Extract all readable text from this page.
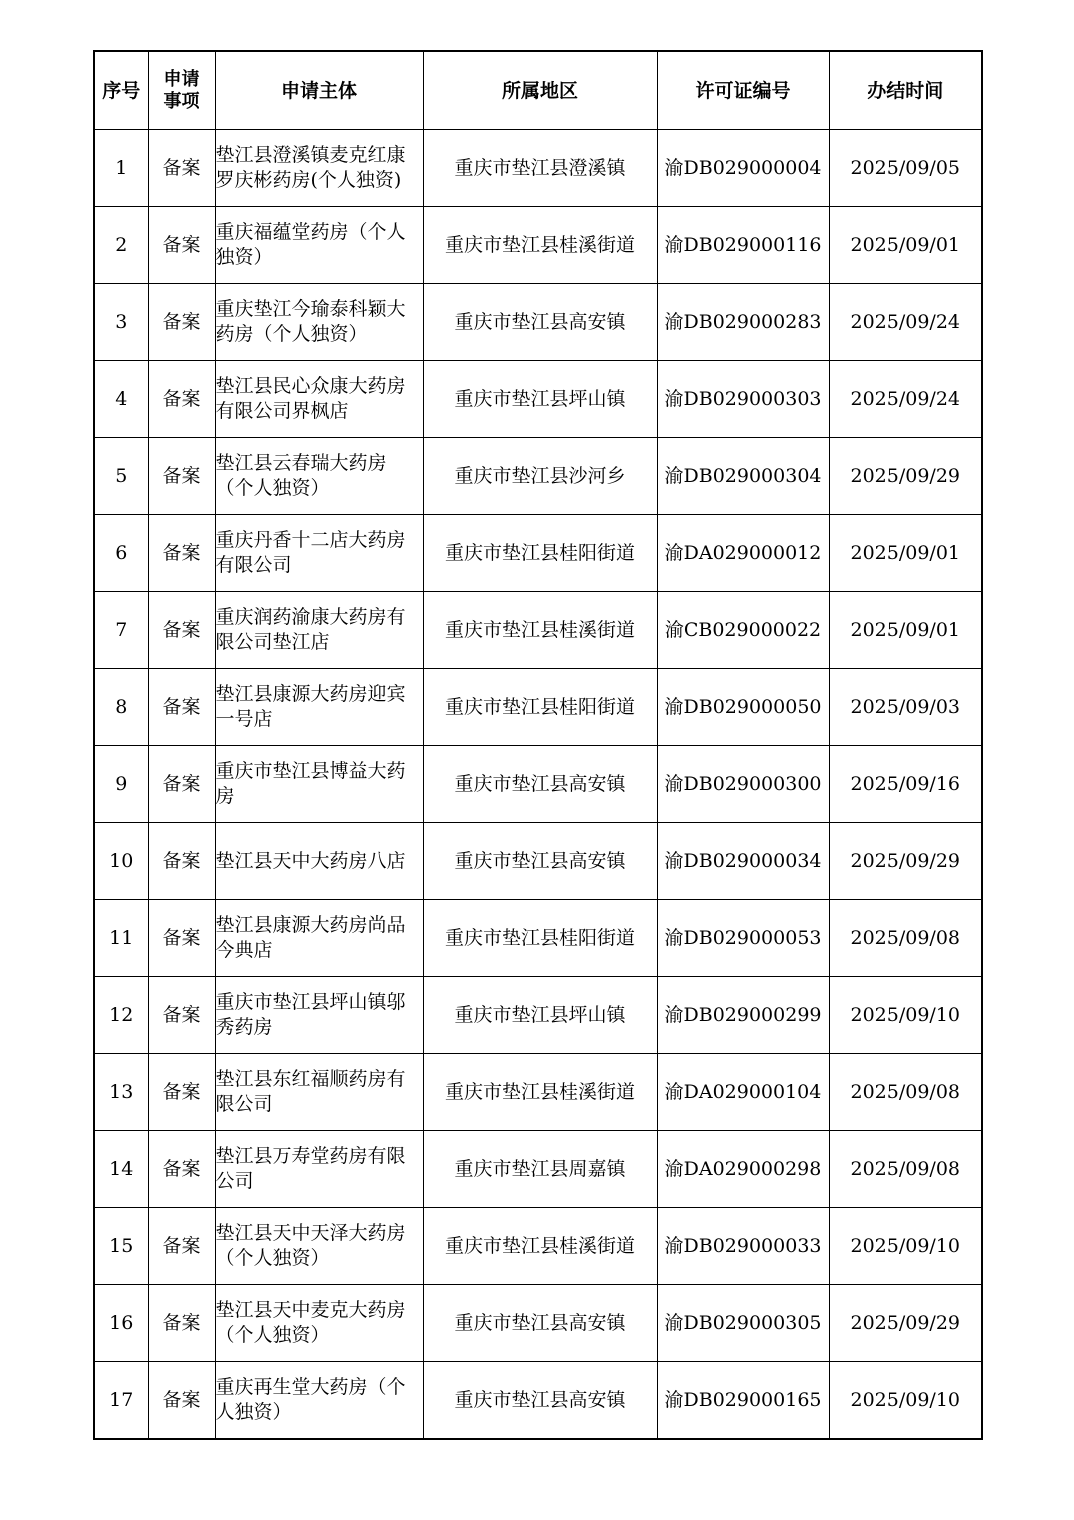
序号	申请事项	申请主体	所属地区	许可证编号	办结时间
1	备案	垫江县澄溪镇麦克红康罗庆彬药房(个人独资)	重庆市垫江县澄溪镇	渝DB029000004	2025/09/05
2	备案	重庆福蕴堂药房（个人独资）	重庆市垫江县桂溪街道	渝DB029000116	2025/09/01
3	备案	重庆垫江今瑜泰科颖大药房（个人独资）	重庆市垫江县高安镇	渝DB029000283	2025/09/24
4	备案	垫江县民心众康大药房有限公司界枫店	重庆市垫江县坪山镇	渝DB029000303	2025/09/24
5	备案	垫江县云春瑞大药房（个人独资）	重庆市垫江县沙河乡	渝DB029000304	2025/09/29
6	备案	重庆丹香十二店大药房有限公司	重庆市垫江县桂阳街道	渝DA029000012	2025/09/01
7	备案	重庆润药渝康大药房有限公司垫江店	重庆市垫江县桂溪街道	渝CB029000022	2025/09/01
8	备案	垫江县康源大药房迎宾一号店	重庆市垫江县桂阳街道	渝DB029000050	2025/09/03
9	备案	重庆市垫江县博益大药房	重庆市垫江县高安镇	渝DB029000300	2025/09/16
10	备案	垫江县天中大药房八店	重庆市垫江县高安镇	渝DB029000034	2025/09/29
11	备案	垫江县康源大药房尚品今典店	重庆市垫江县桂阳街道	渝DB029000053	2025/09/08
12	备案	重庆市垫江县坪山镇邬秀药房	重庆市垫江县坪山镇	渝DB029000299	2025/09/10
13	备案	垫江县东红福顺药房有限公司	重庆市垫江县桂溪街道	渝DA029000104	2025/09/08
14	备案	垫江县万寿堂药房有限公司	重庆市垫江县周嘉镇	渝DA029000298	2025/09/08
15	备案	垫江县天中天泽大药房（个人独资）	重庆市垫江县桂溪街道	渝DB029000033	2025/09/10
16	备案	垫江县天中麦克大药房（个人独资）	重庆市垫江县高安镇	渝DB029000305	2025/09/29
17	备案	重庆再生堂大药房（个人独资）	重庆市垫江县高安镇	渝DB029000165	2025/09/10
